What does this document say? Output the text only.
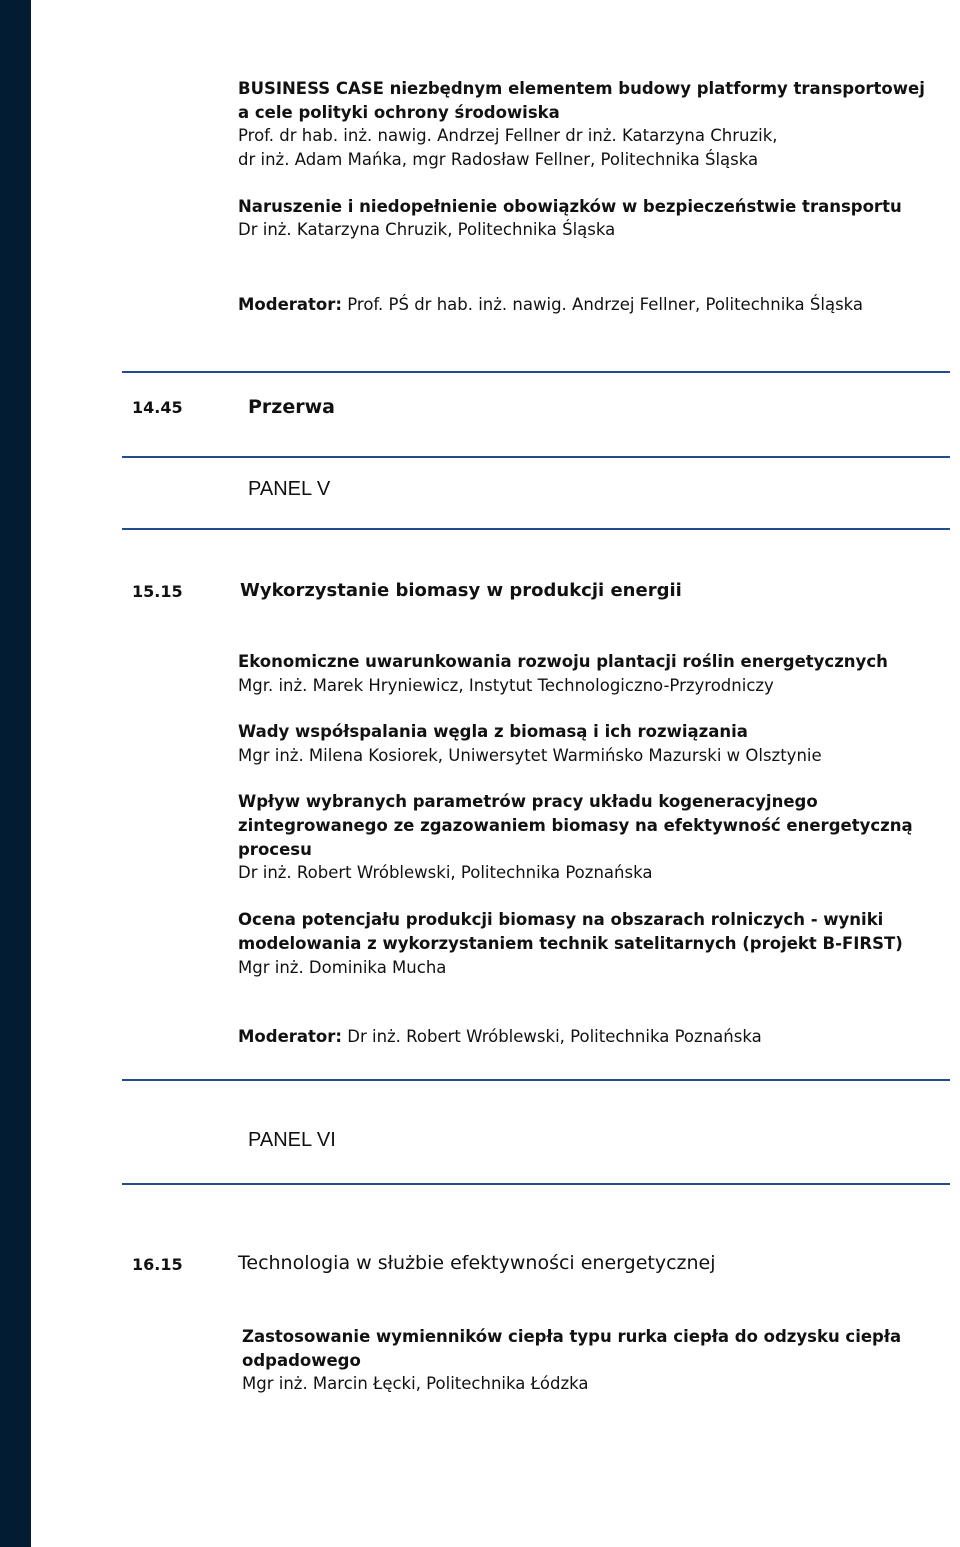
BUSINESS CASE niezbędnym elementem budowy platformy transportowej
a cele polityki ochrony środowiska
Prof. dr hab. inż. nawig. Andrzej Fellner dr inż. Katarzyna Chruzik,
dr inż. Adam Mańka, mgr Radosław Fellner, Politechnika Śląska
Naruszenie i niedopełnienie obowiązków w bezpieczeństwie transportu
Dr inż. Katarzyna Chruzik, Politechnika Śląska
Moderator: Prof. PŚ dr hab. inż. nawig. Andrzej Fellner, Politechnika Śląska
14.45	Przerwa
PANEL V
15.15	Wykorzystanie biomasy w produkcji energii
Ekonomiczne uwarunkowania rozwoju plantacji roślin energetycznych
Mgr. inż. Marek Hryniewicz, Instytut Technologiczno-Przyrodniczy
Wady współspalania węgla z biomasą i ich rozwiązania
Mgr inż. Milena Kosiorek, Uniwersytet Warmińsko Mazurski w Olsztynie
Wpływ wybranych parametrów pracy układu kogeneracyjnego
zintegrowanego ze zgazowaniem biomasy na efektywność energetyczną
procesu
Dr inż. Robert Wróblewski, Politechnika Poznańska
Ocena potencjału produkcji biomasy na obszarach rolniczych - wyniki
modelowania z wykorzystaniem technik satelitarnych (projekt B-FIRST)
Mgr inż. Dominika Mucha
Moderator: Dr inż. Robert Wróblewski, Politechnika Poznańska
PANEL VI
16.15	Technologia w służbie efektywności energetycznej
Zastosowanie wymienników ciepła typu rurka ciepła do odzysku ciepła
odpadowego
Mgr inż. Marcin Łęcki, Politechnika Łódzka
